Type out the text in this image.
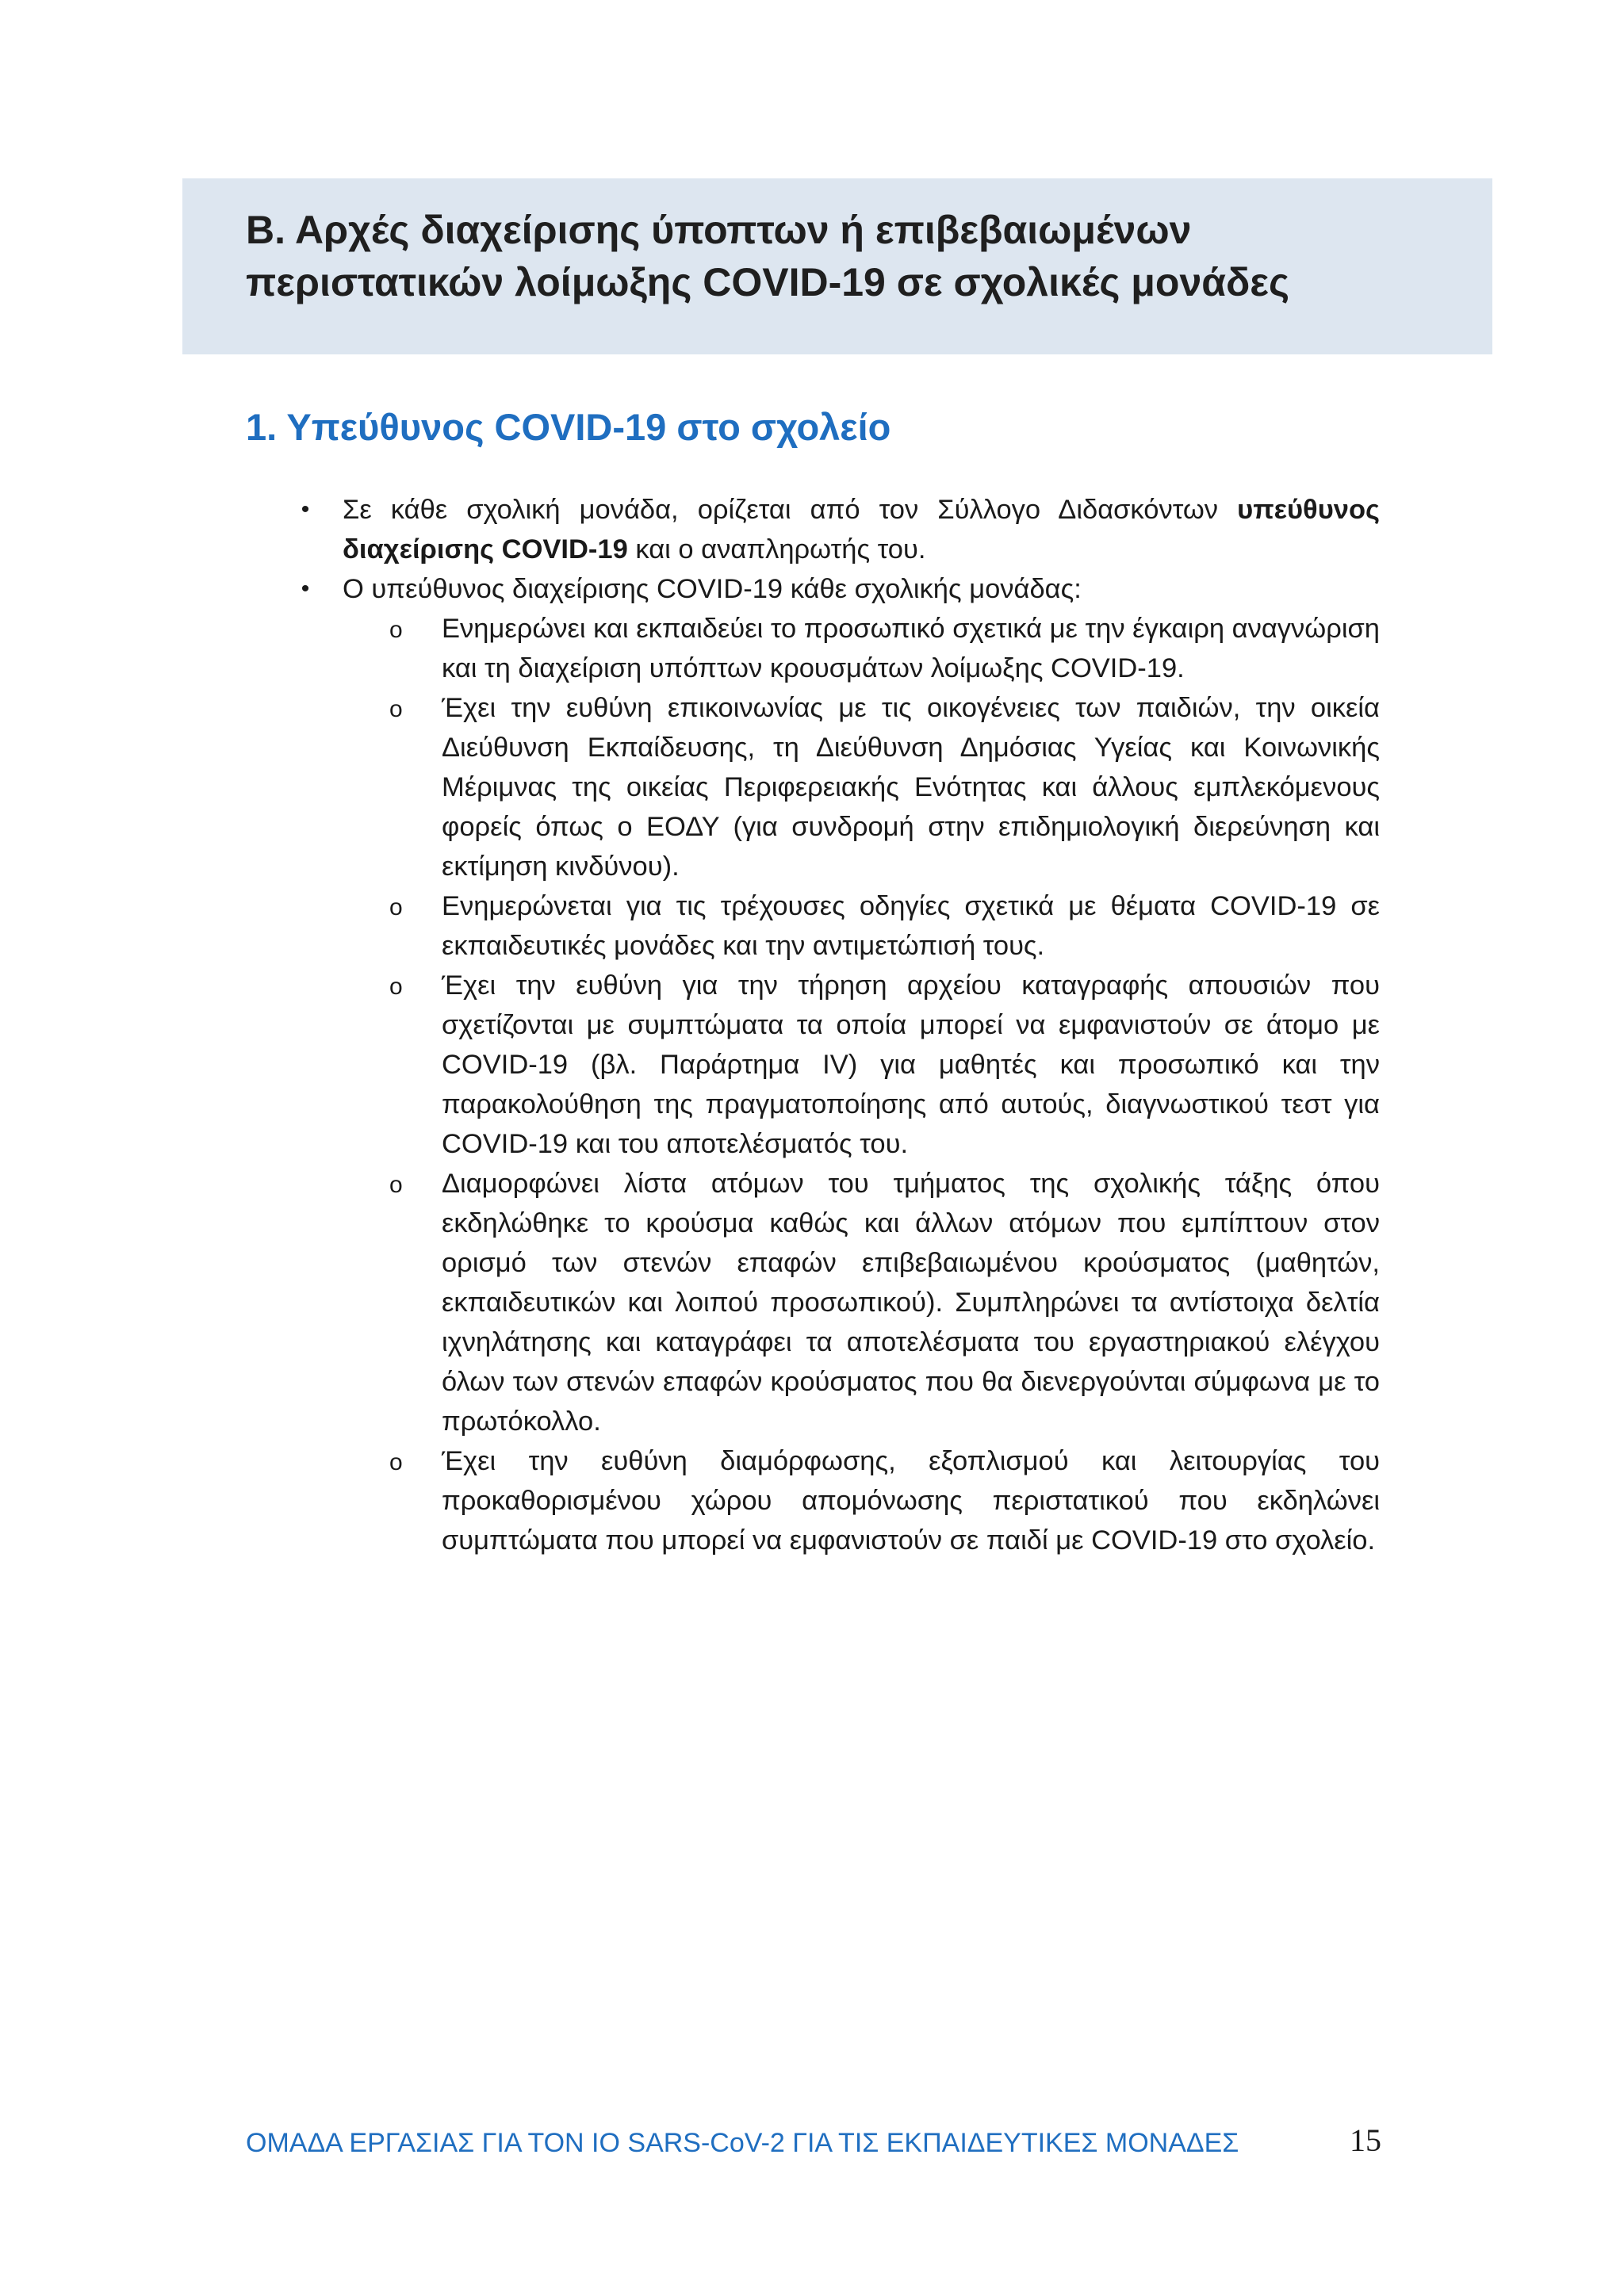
Β. Αρχές διαχείρισης ύποπτων ή επιβεβαιωμένων
περιστατικών λοίμωξης COVID-19 σε σχολικές μονάδες

1. Υπεύθυνος COVID-19 στο σχολείο
• Σε κάθε σχολική μονάδα, ορίζεται από τον Σύλλογο Διδασκόντων υπεύθυνος διαχείρισης COVID-19 και ο αναπληρωτής του.
• Ο υπεύθυνος διαχείρισης COVID-19 κάθε σχολικής μονάδας:
o Ενημερώνει και εκπαιδεύει το προσωπικό σχετικά με την έγκαιρη αναγνώριση και τη διαχείριση υπόπτων κρουσμάτων λοίμωξης COVID-19.
o Έχει την ευθύνη επικοινωνίας με τις οικογένειες των παιδιών, την οικεία Διεύθυνση Εκπαίδευσης, τη Διεύθυνση Δημόσιας Υγείας και Κοινωνικής Μέριμνας της οικείας Περιφερειακής Ενότητας και άλλους εμπλεκόμενους φορείς όπως ο ΕΟΔΥ (για συνδρομή στην επιδημιολογική διερεύνηση και εκτίμηση κινδύνου).
o Ενημερώνεται για τις τρέχουσες οδηγίες σχετικά με θέματα COVID-19 σε εκπαιδευτικές μονάδες και την αντιμετώπισή τους.
o Έχει την ευθύνη για την τήρηση αρχείου καταγραφής απουσιών που σχετίζονται με συμπτώματα τα οποία μπορεί να εμφανιστούν σε άτομο με COVID-19 (βλ. Παράρτημα IV) για μαθητές και προσωπικό και την παρακολούθηση της πραγματοποίησης από αυτούς, διαγνωστικού τεστ για COVID-19 και του αποτελέσματός του.
o Διαμορφώνει λίστα ατόμων του τμήματος της σχολικής τάξης όπου εκδηλώθηκε το κρούσμα καθώς και άλλων ατόμων που εμπίπτουν στον ορισμό των στενών επαφών επιβεβαιωμένου κρούσματος (μαθητών, εκπαιδευτικών και λοιπού προσωπικού). Συμπληρώνει τα αντίστοιχα δελτία ιχνηλάτησης και καταγράφει τα αποτελέσματα του εργαστηριακού ελέγχου όλων των στενών επαφών κρούσματος που θα διενεργούνται σύμφωνα με το πρωτόκολλο.
o Έχει την ευθύνη διαμόρφωσης, εξοπλισμού και λειτουργίας του προκαθορισμένου χώρου απομόνωσης περιστατικού που εκδηλώνει συμπτώματα που μπορεί να εμφανιστούν σε παιδί με COVID-19 στο σχολείο.
ΟΜΑΔΑ ΕΡΓΑΣΙΑΣ ΓΙΑ ΤΟΝ ΙΟ SARS-CoV-2 ΓΙΑ ΤΙΣ ΕΚΠΑΙΔΕΥΤΙΚΕΣ ΜΟΝΑΔΕΣ	15
